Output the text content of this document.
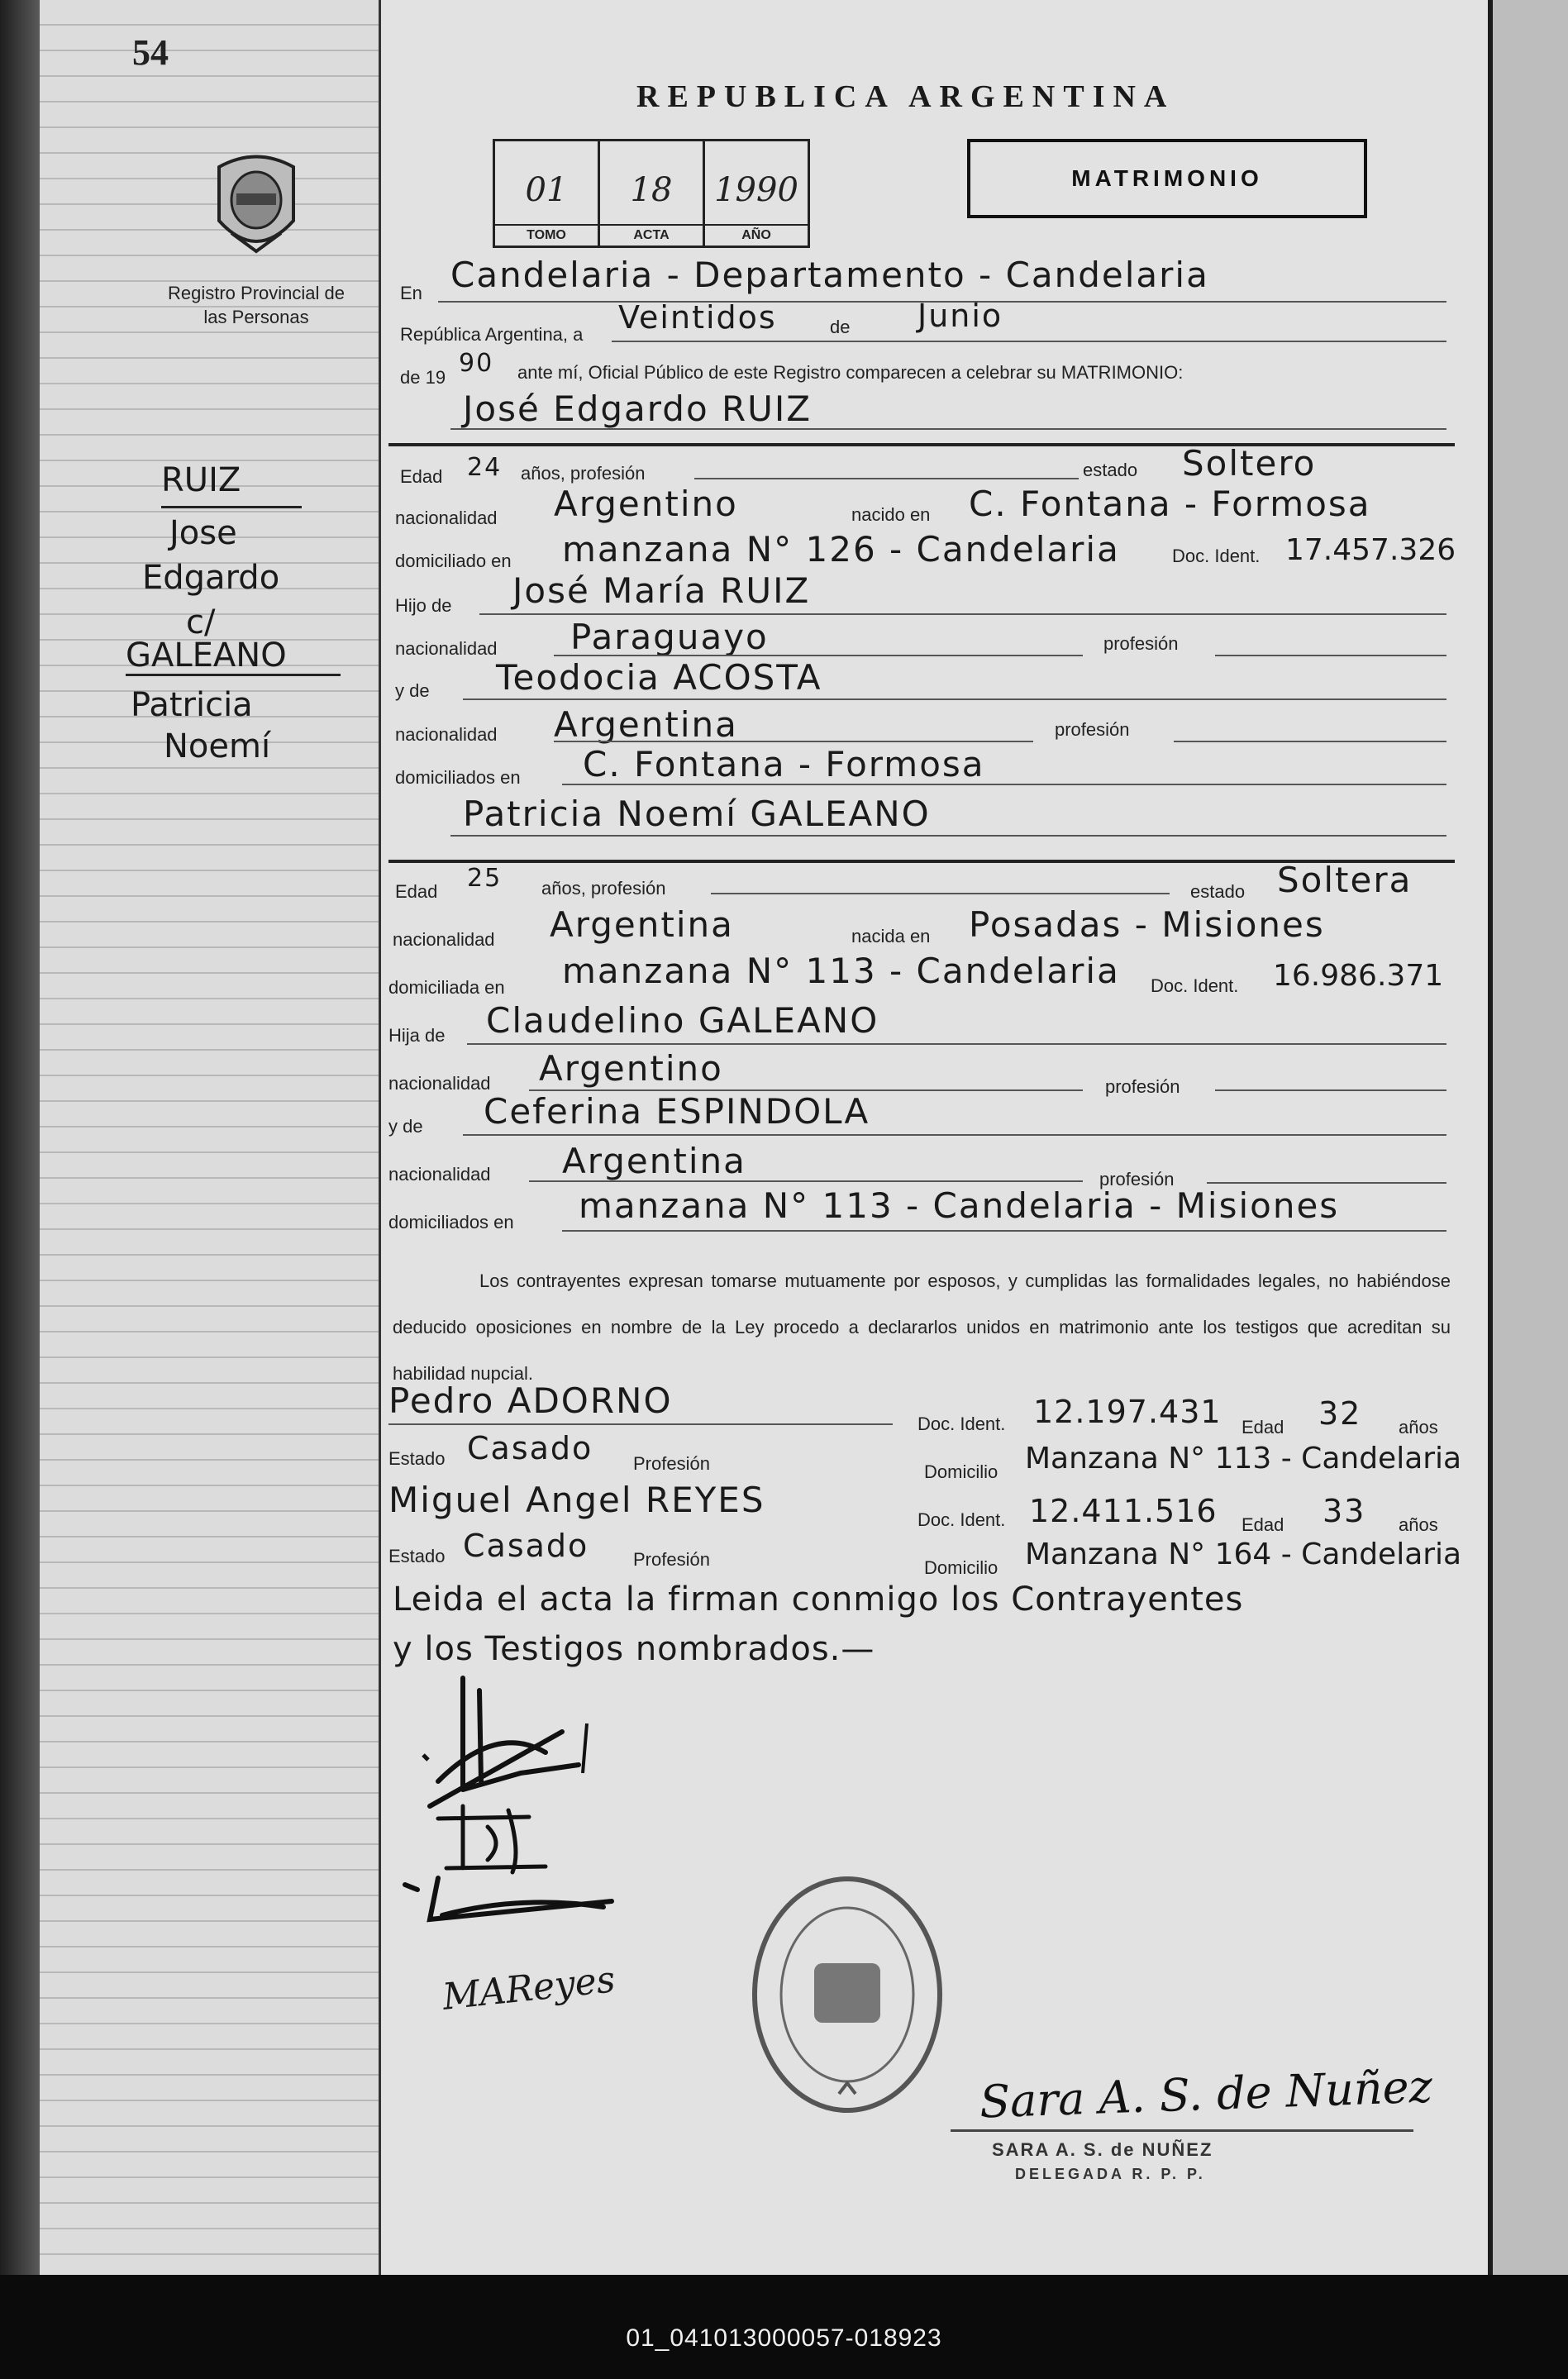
54
REPUBLICA ARGENTINA
01
TOMO
18
ACTA
1990
AÑO
MATRIMONIO
Registro Provincial de las Personas
RUIZ
Jose
Edgardo
c/
GALEANO
Patricia
Noemí
En Candelaria - Departamento - Candelaria
República Argentina, a Veintidos	de Junio
de 19 90 ante mí, Oficial Público de este Registro comparecen a celebrar su MATRIMONIO:
José Edgardo RUIZ
Edad 24 años, profesión	estado Soltero
nacionalidad Argentino	nacido en C. Fontana - Formosa
domiciliado en manzana N° 126 - Candelaria	Doc. Ident. 17.457.326
Hijo de José María RUIZ
nacionalidad Paraguayo	profesión
y de Teodocia ACOSTA
nacionalidad Argentina	profesión
domiciliados en C. Fontana - Formosa
Patricia Noemí GALEANO
Edad 25 años, profesión	estado Soltera
nacionalidad Argentina	nacida en Posadas - Misiones
domiciliada en manzana N° 113 - Candelaria Doc. Ident. 16.986.371
Hija de Claudelino GALEANO
nacionalidad Argentino	profesión
y de Ceferina ESPINDOLA
nacionalidad Argentina	profesión
domiciliados en manzana N° 113 - Candelaria - Misiones
Los contrayentes expresan tomarse mutuamente por esposos, y cumplidas las formalidades legales, no habiéndose deducido oposiciones en nombre de la Ley procedo a declararlos unidos en matrimonio ante los testigos que acreditan su habilidad nupcial.
Pedro ADORNO
Doc. Ident. 12.197.431 Edad 32 años
Estado Casado Profesión	Domicilio Manzana N° 113 - Candelaria
Miguel Angel REYES	Doc. Ident. 12.411.516 Edad 33 años
Estado Casado Profesión	Domicilio Manzana N° 164 - Candelaria
Leida el acta la firman conmigo los Contrayentes
y los Testigos nombrados.—
MAReyes
Sara A. S. de Nuñez
SARA A. S. de NUÑEZ
DELEGADA R. P. P.
01_041013000057-018923
